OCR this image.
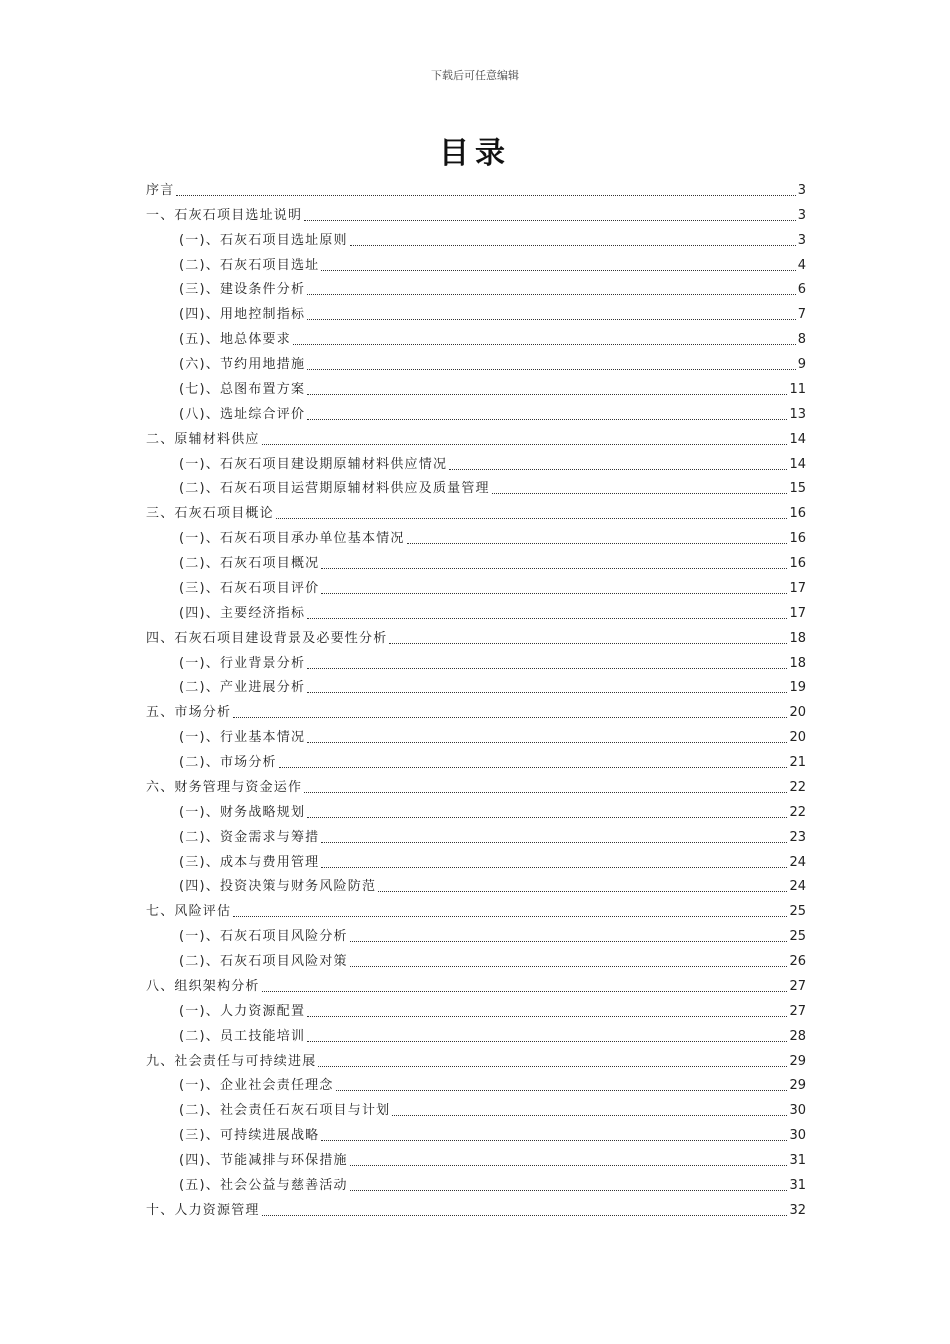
下载后可任意编辑
目录
序言	3
一、石灰石项目选址说明	3
(一)、石灰石项目选址原则	3
(二)、石灰石项目选址	4
(三)、建设条件分析	6
(四)、用地控制指标	7
(五)、地总体要求	8
(六)、节约用地措施	9
(七)、总图布置方案	11
(八)、选址综合评价	13
二、原辅材料供应	14
(一)、石灰石项目建设期原辅材料供应情况	14
(二)、石灰石项目运营期原辅材料供应及质量管理	15
三、石灰石项目概论	16
(一)、石灰石项目承办单位基本情况	16
(二)、石灰石项目概况	16
(三)、石灰石项目评价	17
(四)、主要经济指标	17
四、石灰石项目建设背景及必要性分析	18
(一)、行业背景分析	18
(二)、产业进展分析	19
五、市场分析	20
(一)、行业基本情况	20
(二)、市场分析	21
六、财务管理与资金运作	22
(一)、财务战略规划	22
(二)、资金需求与筹措	23
(三)、成本与费用管理	24
(四)、投资决策与财务风险防范	24
七、风险评估	25
(一)、石灰石项目风险分析	25
(二)、石灰石项目风险对策	26
八、组织架构分析	27
(一)、人力资源配置	27
(二)、员工技能培训	28
九、社会责任与可持续进展	29
(一)、企业社会责任理念	29
(二)、社会责任石灰石项目与计划	30
(三)、可持续进展战略	30
(四)、节能减排与环保措施	31
(五)、社会公益与慈善活动	31
十、人力资源管理	32
